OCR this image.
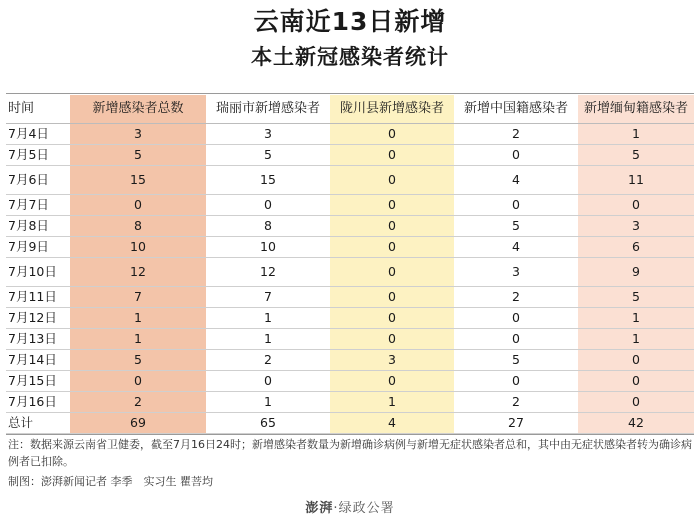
云南近13日新增
本土新冠感染者统计
时间	新增感染者总数	瑞丽市新增感染者	陇川县新增感染者	新增中国籍感染者	新增缅甸籍感染者
7月4日	3	3	0	2	1
7月5日	5	5	0	0	5
7月6日	15	15	0	4	11
7月7日	0	0	0	0	0
7月8日	8	8	0	5	3
7月9日	10	10	0	4	6
7月10日	12	12	0	3	9
7月11日	7	7	0	2	5
7月12日	1	1	0	0	1
7月13日	1	1	0	0	1
7月14日	5	2	3	5	0
7月15日	0	0	0	0	0
7月16日	2	1	1	2	0
总计	69	65	4	27	42
注：数据来源云南省卫健委，截至7月16日24时；新增感染者数量为新增确诊病例与新增无症状感染者总和，其中由无症状感染者转为确诊病例者已扣除。
制图：澎湃新闻记者 李季　实习生 瞿菩均
澎湃·绿政公署
